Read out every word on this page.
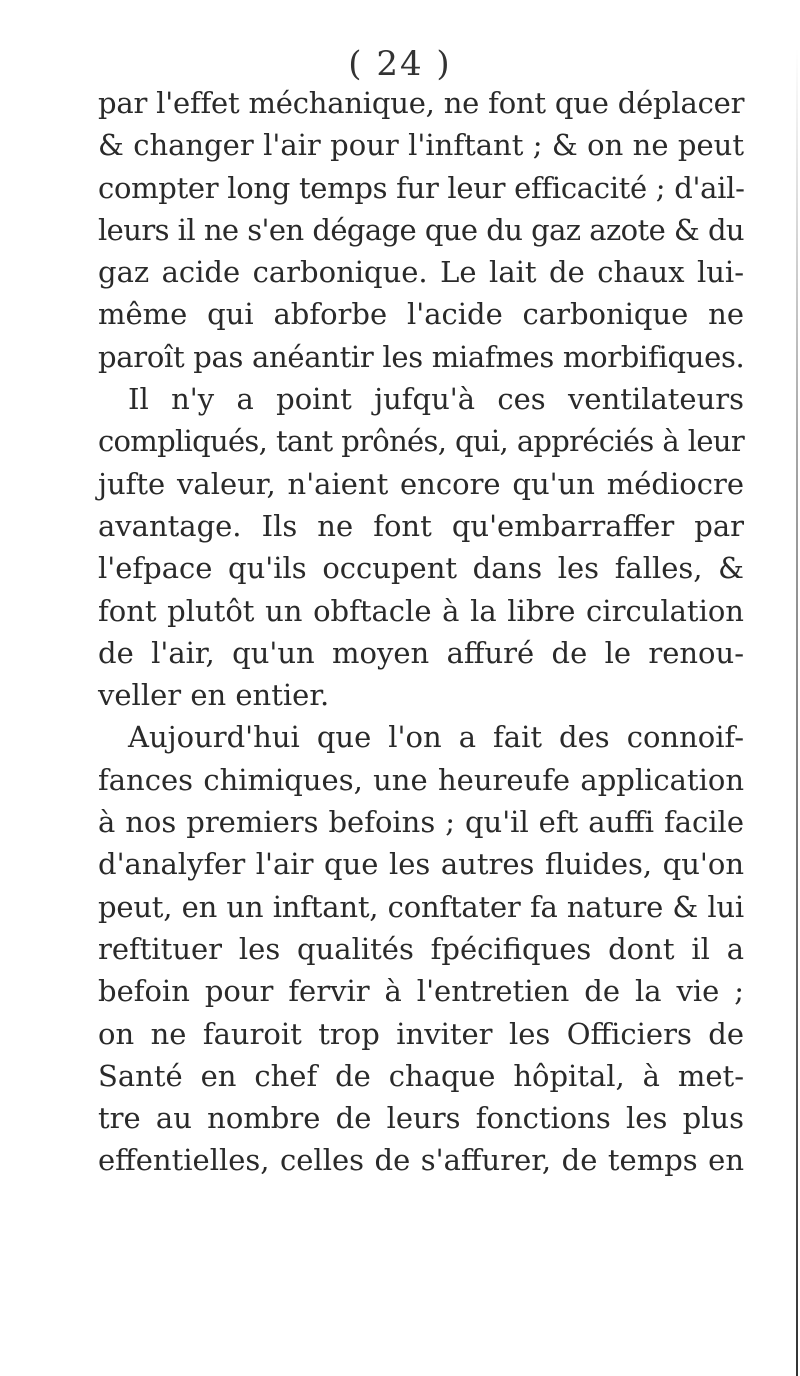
( 24 )
par l'effet méchanique, ne font que déplacer
& changer l'air pour l'inftant ; & on ne peut
compter long temps fur leur efficacité ; d'ail-
leurs il ne s'en dégage que du gaz azote & du
gaz acide carbonique. Le lait de chaux lui-
même qui abforbe l'acide carbonique ne
paroît pas anéantir les miafmes morbifiques.
Il n'y a point jufqu'à ces ventilateurs
compliqués, tant prônés, qui, appréciés à leur
jufte valeur, n'aient encore qu'un médiocre
avantage. Ils ne font qu'embarraffer par
l'efpace qu'ils occupent dans les falles, &
font plutôt un obftacle à la libre circulation
de l'air, qu'un moyen affuré de le renou-
veller en entier.
Aujourd'hui que l'on a fait des connoif-
fances chimiques, une heureufe application
à nos premiers befoins ; qu'il eft auffi facile
d'analyfer l'air que les autres fluides, qu'on
peut, en un inftant, conftater fa nature & lui
reftituer les qualités fpécifiques dont il a
befoin pour fervir à l'entretien de la vie ;
on ne fauroit trop inviter les Officiers de
Santé en chef de chaque hôpital, à met-
tre au nombre de leurs fonctions les plus
effentielles, celles de s'affurer, de temps en
